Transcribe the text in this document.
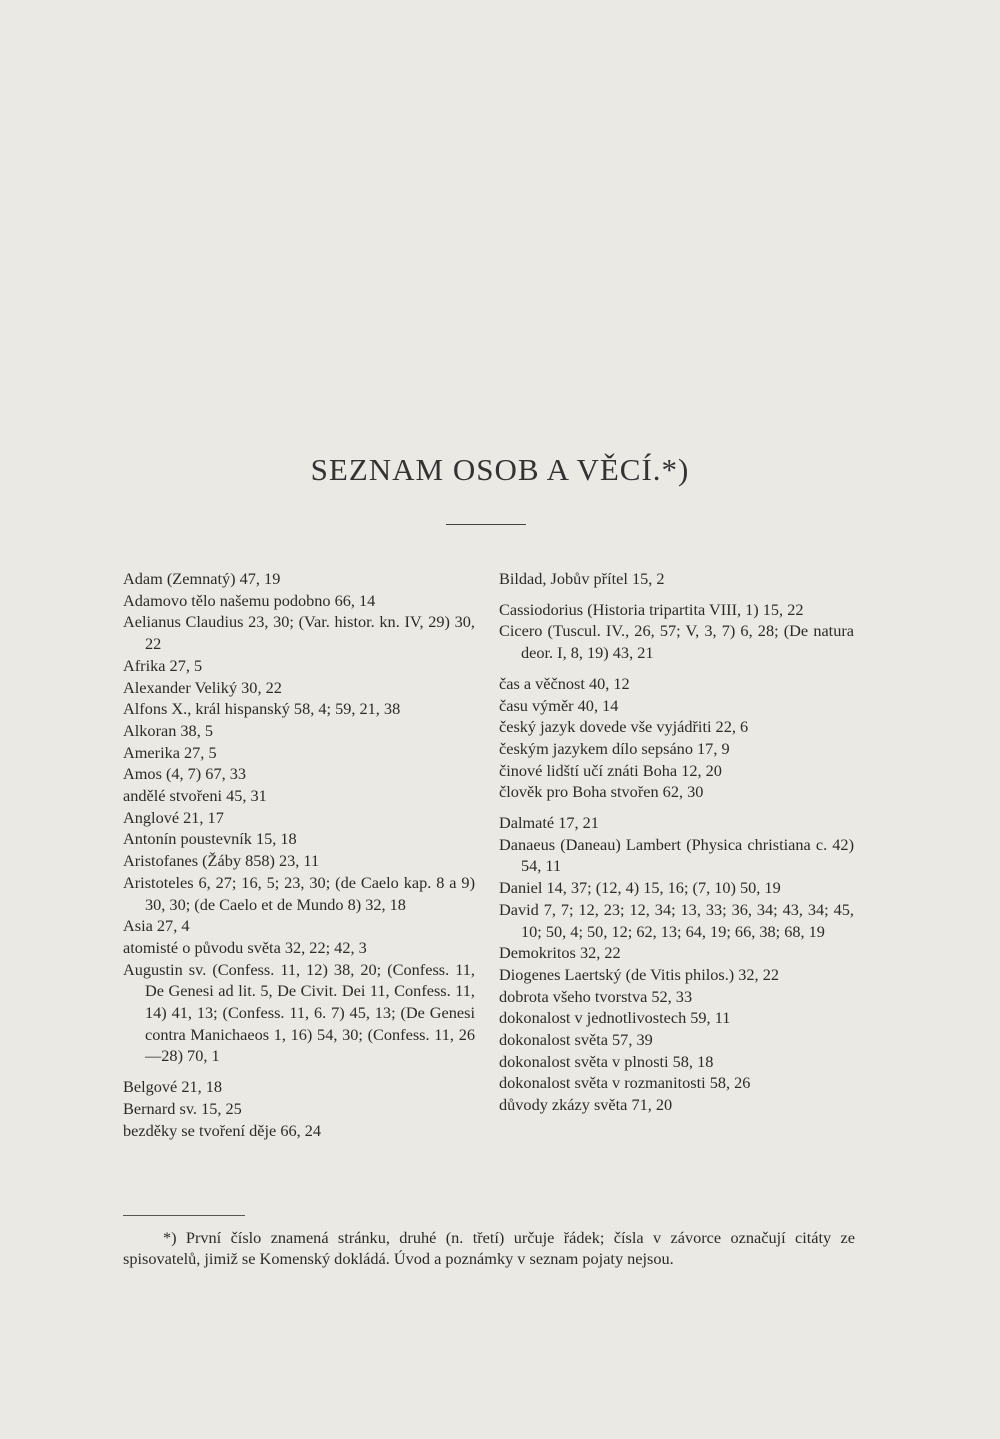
SEZNAM OSOB A VĚCÍ.*)

Adam (Zemnatý) 47, 19

Adamovo tělo našemu podobno 66, 14

Aelianus Claudius 23, 30; (Var. histor. kn. IV, 29) 30, 22

Afrika 27, 5

Alexander Veliký 30, 22

Alfons X., král hispanský 58, 4; 59, 21, 38

Alkoran 38, 5

Amerika 27, 5

Amos (4, 7) 67, 33

andělé stvořeni 45, 31

Anglové 21, 17

Antonín poustevník 15, 18

Aristofanes (Žáby 858) 23, 11

Aristoteles 6, 27; 16, 5; 23, 30; (de Caelo kap. 8 a 9) 30, 30; (de Caelo et de Mundo 8) 32, 18

Asia 27, 4

atomisté o původu světa 32, 22; 42, 3

Augustin sv. (Confess. 11, 12) 38, 20; (Confess. 11, De Genesi ad lit. 5, De Civit. Dei 11, Confess. 11, 14) 41, 13; (Confess. 11, 6. 7) 45, 13; (De Genesi contra Manichaeos 1, 16) 54, 30; (Confess. 11, 26—28) 70, 1

Belgové 21, 18

Bernard sv. 15, 25

bezděky se tvoření děje 66, 24

Bildad, Jobův přítel 15, 2

Cassiodorius (Historia tripartita VIII, 1) 15, 22

Cicero (Tuscul. IV., 26, 57; V, 3, 7) 6, 28; (De natura deor. I, 8, 19) 43, 21

čas a věčnost 40, 12

času výměr 40, 14

český jazyk dovede vše vyjádřiti 22, 6

českým jazykem dílo sepsáno 17, 9

činové lidští učí znáti Boha 12, 20

člověk pro Boha stvořen 62, 30

Dalmaté 17, 21

Danaeus (Daneau) Lambert (Physica christiana c. 42) 54, 11

Daniel 14, 37; (12, 4) 15, 16; (7, 10) 50, 19

David 7, 7; 12, 23; 12, 34; 13, 33; 36, 34; 43, 34; 45, 10; 50, 4; 50, 12; 62, 13; 64, 19; 66, 38; 68, 19

Demokritos 32, 22

Diogenes Laertský (de Vitis philos.) 32, 22

dobrota všeho tvorstva 52, 33

dokonalost v jednotlivostech 59, 11

dokonalost světa 57, 39

dokonalost světa v plnosti 58, 18

dokonalost světa v rozmanitosti 58, 26

důvody zkázy světa 71, 20

*) První číslo znamená stránku, druhé (n. třetí) určuje řádek; čísla v závorce označují citáty ze spisovatelů, jimiž se Komenský dokládá. Úvod a poznámky v seznam pojaty nejsou.
